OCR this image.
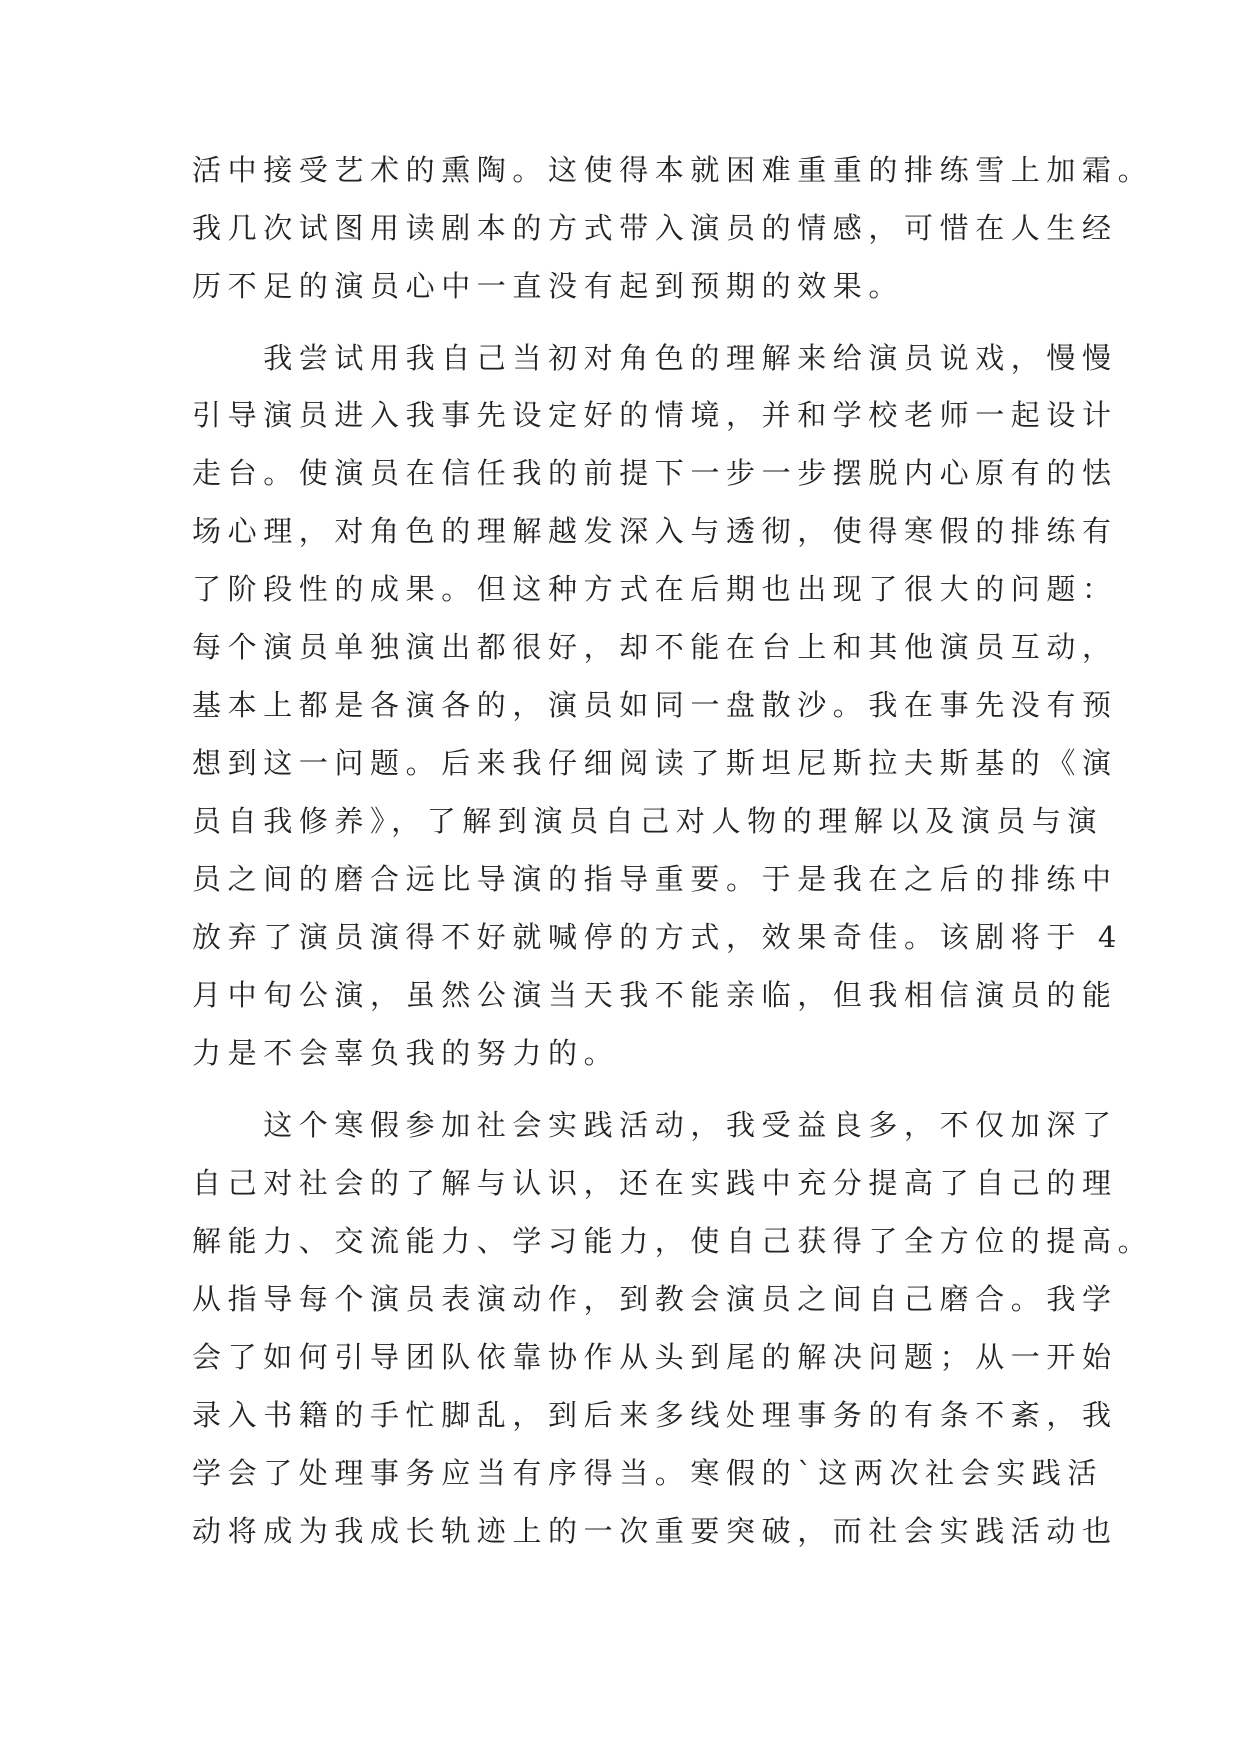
活中接受艺术的熏陶。这使得本就困难重重的排练雪上加霜。
我几次试图用读剧本的方式带入演员的情感，可惜在人生经
历不足的演员心中一直没有起到预期的效果。
　　我尝试用我自己当初对角色的理解来给演员说戏，慢慢
引导演员进入我事先设定好的情境，并和学校老师一起设计
走台。使演员在信任我的前提下一步一步摆脱内心原有的怯
场心理，对角色的理解越发深入与透彻，使得寒假的排练有
了阶段性的成果。但这种方式在后期也出现了很大的问题：
每个演员单独演出都很好，却不能在台上和其他演员互动，
基本上都是各演各的，演员如同一盘散沙。我在事先没有预
想到这一问题。后来我仔细阅读了斯坦尼斯拉夫斯基的《演
员自我修养》，了解到演员自己对人物的理解以及演员与演
员之间的磨合远比导演的指导重要。于是我在之后的排练中
放弃了演员演得不好就喊停的方式，效果奇佳。该剧将于 4
月中旬公演，虽然公演当天我不能亲临，但我相信演员的能
力是不会辜负我的努力的。
　　这个寒假参加社会实践活动，我受益良多，不仅加深了
自己对社会的了解与认识，还在实践中充分提高了自己的理
解能力、交流能力、学习能力，使自己获得了全方位的提高。
从指导每个演员表演动作，到教会演员之间自己磨合。我学
会了如何引导团队依靠协作从头到尾的解决问题；从一开始
录入书籍的手忙脚乱，到后来多线处理事务的有条不紊，我
学会了处理事务应当有序得当。寒假的`这两次社会实践活
动将成为我成长轨迹上的一次重要突破，而社会实践活动也
